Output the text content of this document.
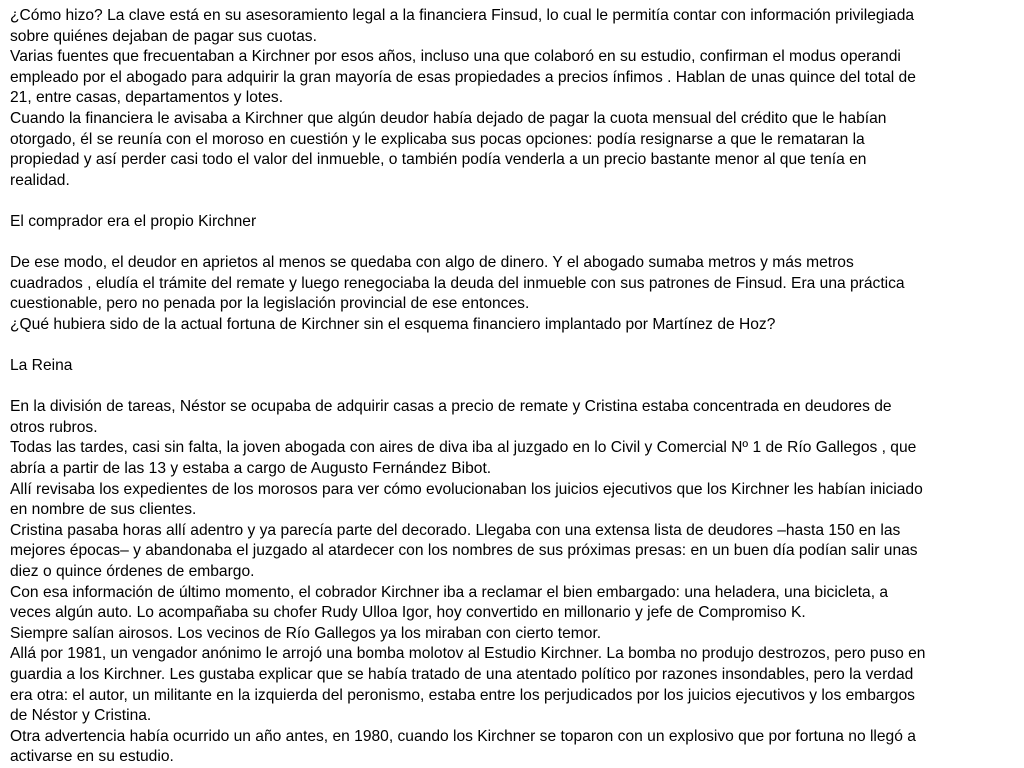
¿Cómo hizo? La clave está en su asesoramiento legal a la financiera Finsud, lo cual le permitía contar con información privilegiada
sobre quiénes dejaban de pagar sus cuotas.
Varias fuentes que frecuentaban a Kirchner por esos años, incluso una que colaboró en su estudio, confirman el modus operandi
empleado por el abogado para adquirir la gran mayoría de esas propiedades a precios ínfimos . Hablan de unas quince del total de
21, entre casas, departamentos y lotes.
Cuando la financiera le avisaba a Kirchner que algún deudor había dejado de pagar la cuota mensual del crédito que le habían
otorgado, él se reunía con el moroso en cuestión y le explicaba sus pocas opciones: podía resignarse a que le remataran la
propiedad y así perder casi todo el valor del inmueble, o también podía venderla a un precio bastante menor al que tenía en
realidad.
El comprador era el propio Kirchner
De ese modo, el deudor en aprietos al menos se quedaba con algo de dinero. Y el abogado sumaba metros y más metros
cuadrados , eludía el trámite del remate y luego renegociaba la deuda del inmueble con sus patrones de Finsud. Era una práctica
cuestionable, pero no penada por la legislación provincial de ese entonces.
¿Qué hubiera sido de la actual fortuna de Kirchner sin el esquema financiero implantado por Martínez de Hoz?
La Reina
En la división de tareas, Néstor se ocupaba de adquirir casas a precio de remate y Cristina estaba concentrada en deudores de
otros rubros.
Todas las tardes, casi sin falta, la joven abogada con aires de diva iba al juzgado en lo Civil y Comercial Nº 1 de Río Gallegos , que
abría a partir de las 13 y estaba a cargo de Augusto Fernández Bibot.
Allí revisaba los expedientes de los morosos para ver cómo evolucionaban los juicios ejecutivos que los Kirchner les habían iniciado
en nombre de sus clientes.
Cristina pasaba horas allí adentro y ya parecía parte del decorado. Llegaba con una extensa lista de deudores –hasta 150 en las
mejores épocas– y abandonaba el juzgado al atardecer con los nombres de sus próximas presas: en un buen día podían salir unas
diez o quince órdenes de embargo.
Con esa información de último momento, el cobrador Kirchner iba a reclamar el bien embargado: una heladera, una bicicleta, a
veces algún auto. Lo acompañaba su chofer Rudy Ulloa Igor, hoy convertido en millonario y jefe de Compromiso K.
Siempre salían airosos. Los vecinos de Río Gallegos ya los miraban con cierto temor.
Allá por 1981, un vengador anónimo le arrojó una bomba molotov al Estudio Kirchner. La bomba no produjo destrozos, pero puso en
guardia a los Kirchner. Les gustaba explicar que se había tratado de una atentado político por razones insondables, pero la verdad
era otra: el autor, un militante en la izquierda del peronismo, estaba entre los perjudicados por los juicios ejecutivos y los embargos
de Néstor y Cristina.
Otra advertencia había ocurrido un año antes, en 1980, cuando los Kirchner se toparon con un explosivo que por fortuna no llegó a
activarse en su estudio.
